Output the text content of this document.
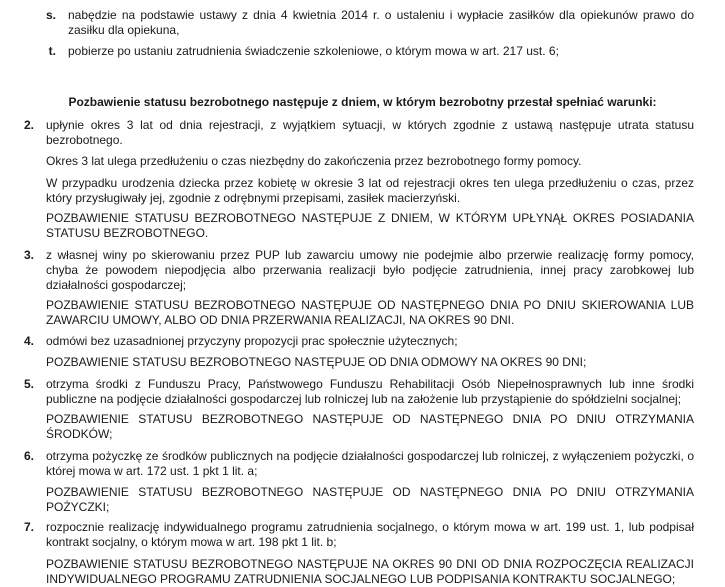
s. nabędzie na podstawie ustawy z dnia 4 kwietnia 2014 r. o ustaleniu i wypłacie zasiłków dla opiekunów prawo do zasiłku dla opiekuna,
t. pobierze po ustaniu zatrudnienia świadczenie szkoleniowe, o którym mowa w art. 217 ust. 6;
Pozbawienie statusu bezrobotnego następuje z dniem, w którym bezrobotny przestał spełniać warunki:
2. upłynie okres 3 lat od dnia rejestracji, z wyjątkiem sytuacji, w których zgodnie z ustawą następuje utrata statusu bezrobotnego.
Okres 3 lat ulega przedłużeniu o czas niezbędny do zakończenia przez bezrobotnego formy pomocy.
W przypadku urodzenia dziecka przez kobietę w okresie 3 lat od rejestracji okres ten ulega przedłużeniu o czas, przez który przysługiwały jej, zgodnie z odrębnymi przepisami, zasiłek macierzyński.
POZBAWIENIE STATUSU BEZROBOTNEGO NASTĘPUJE Z DNIEM, W KTÓRYM UPŁYNĄŁ OKRES POSIADANIA STATUSU BEZROBOTNEGO.
3. z własnej winy po skierowaniu przez PUP lub zawarciu umowy nie podejmie albo przerwie realizację formy pomocy, chyba że powodem niepodjęcia albo przerwania realizacji było podjęcie zatrudnienia, innej pracy zarobkowej lub działalności gospodarczej;
POZBAWIENIE STATUSU BEZROBOTNEGO NASTĘPUJE OD NASTĘPNEGO DNIA PO DNIU SKIEROWANIA LUB ZAWARCIU UMOWY, ALBO OD DNIA PRZERWANIA REALIZACJI, NA OKRES 90 DNI.
4. odmówi bez uzasadnionej przyczyny propozycji prac społecznie użytecznych;
POZBAWIENIE STATUSU BEZROBOTNEGO NASTĘPUJE OD DNIA ODMOWY NA OKRES 90 DNI;
5. otrzyma środki z Funduszu Pracy, Państwowego Funduszu Rehabilitacji Osób Niepełnosprawnych lub inne środki publiczne na podjęcie działalności gospodarczej lub rolniczej lub na założenie lub przystąpienie do spółdzielni socjalnej;
POZBAWIENIE STATUSU BEZROBOTNEGO NASTĘPUJE OD NASTĘPNEGO DNIA PO DNIU OTRZYMANIA ŚRODKÓW;
6. otrzyma pożyczkę ze środków publicznych na podjęcie działalności gospodarczej lub rolniczej, z wyłączeniem pożyczki, o której mowa w art. 172 ust. 1 pkt 1 lit. a;
POZBAWIENIE STATUSU BEZROBOTNEGO NASTĘPUJE OD NASTĘPNEGO DNIA PO DNIU OTRZYMANIA POŻYCZKI;
7. rozpocznie realizację indywidualnego programu zatrudnienia socjalnego, o którym mowa w art. 199 ust. 1, lub podpisał kontrakt socjalny, o którym mowa w art. 198 pkt 1 lit. b;
POZBAWIENIE STATUSU BEZROBOTNEGO NASTĘPUJE NA OKRES 90 DNI OD DNIA ROZPOCZĘCIA REALIZACJI INDYWIDUALNEGO PROGRAMU ZATRUDNIENIA SOCJALNEGO LUB PODPISANIA KONTRAKTU SOCJALNEGO;
